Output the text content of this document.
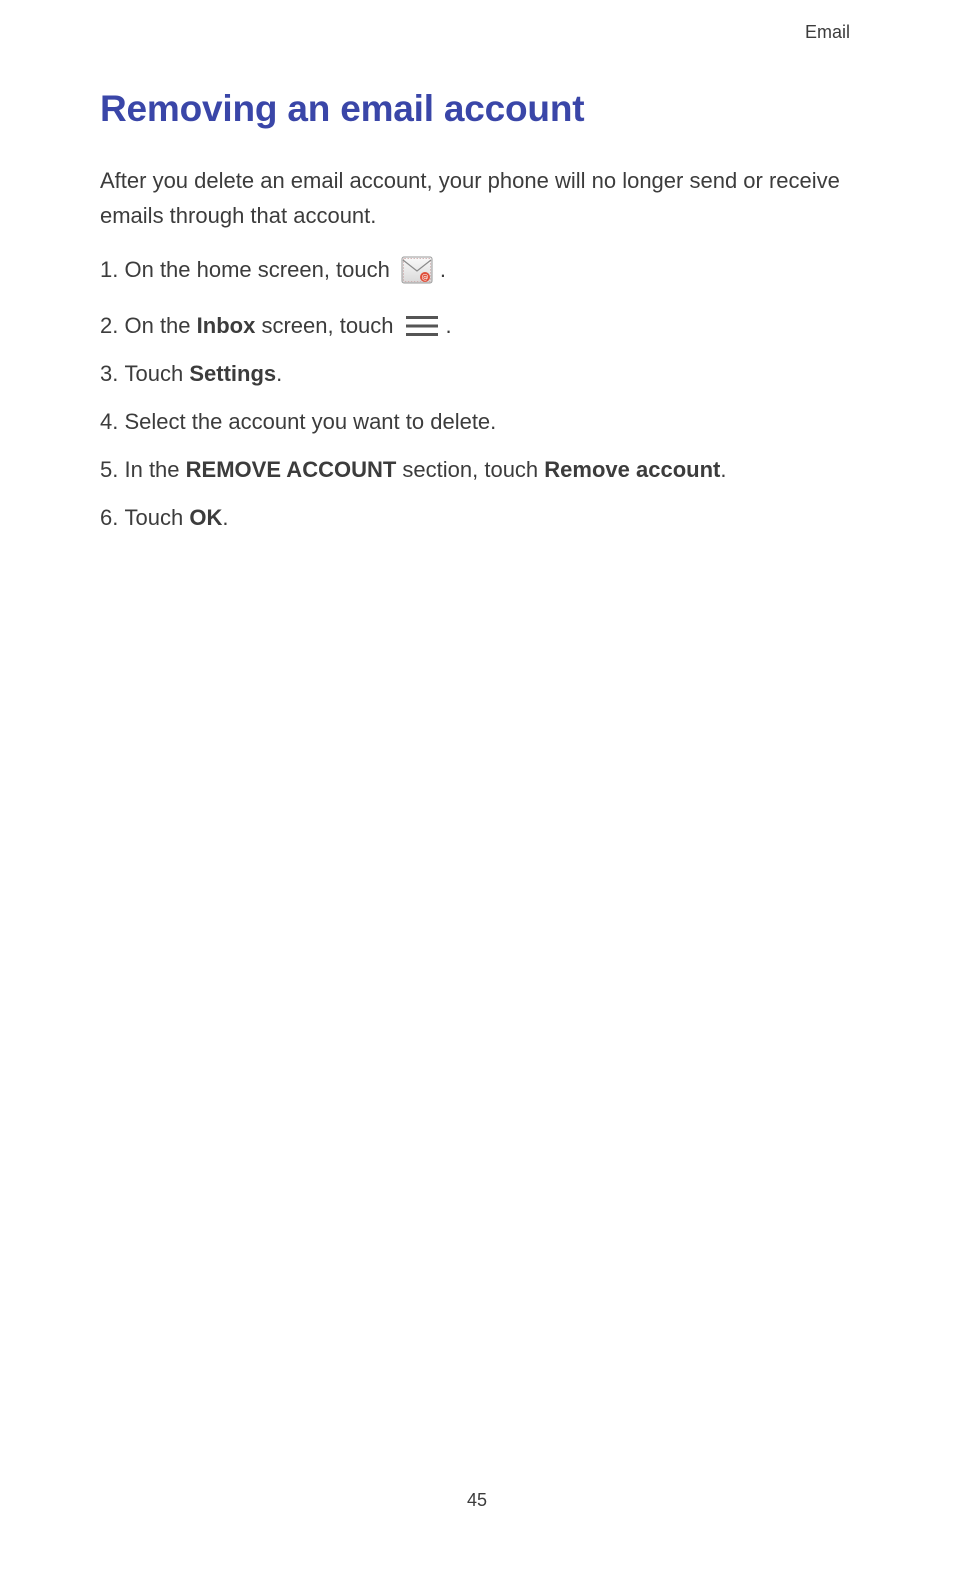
Email
Removing an email account

After you delete an email account, your phone will no longer send or receive emails through that account.

1.
On the home screen, touch	@ .
2.
On the
Inbox
screen, touch .
3.
Touch
Settings .
4.
Select the account you want to delete.
5.
In the
REMOVE ACCOUNT
section, touch
Remove account .
6.
Touch
OK .
45
